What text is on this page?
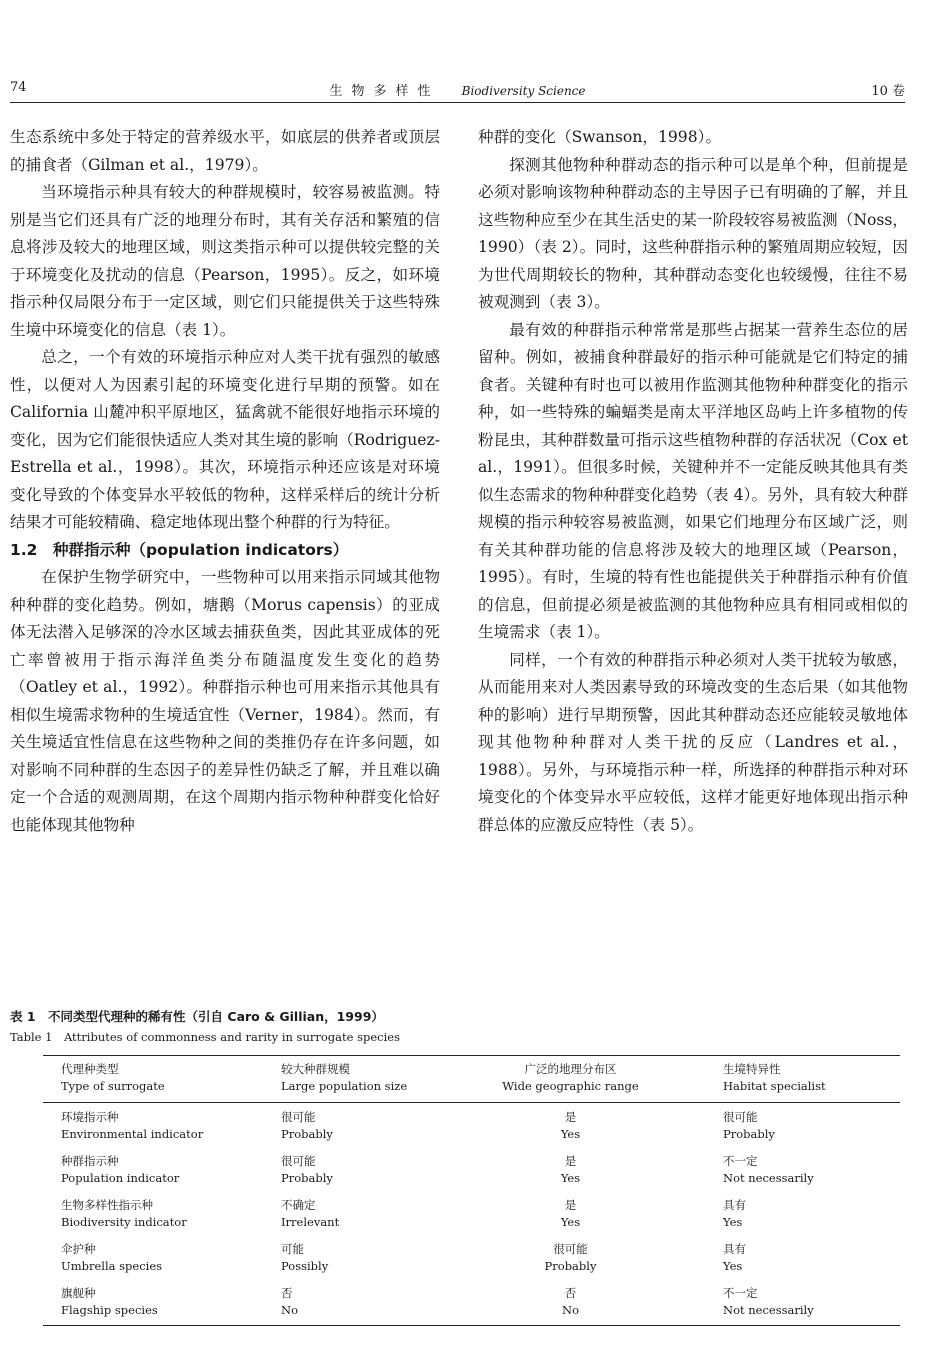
74	生物多样性 Biodiversity Science	10 卷

生态系统中多处于特定的营养级水平，如底层的供养者或顶层的捕食者（Gilman et al.，1979）。

当环境指示种具有较大的种群规模时，较容易被监测。特别是当它们还具有广泛的地理分布时，其有关存活和繁殖的信息将涉及较大的地理区域，则这类指示种可以提供较完整的关于环境变化及扰动的信息（Pearson，1995）。反之，如环境指示种仅局限分布于一定区域，则它们只能提供关于这些特殊生境中环境变化的信息（表 1）。

总之，一个有效的环境指示种应对人类干扰有强烈的敏感性，以便对人为因素引起的环境变化进行早期的预警。如在 California 山麓冲积平原地区，猛禽就不能很好地指示环境的变化，因为它们能很快适应人类对其生境的影响（Rodriguez-Estrella et al.，1998）。其次，环境指示种还应该是对环境变化导致的个体变异水平较低的物种，这样采样后的统计分析结果才可能较精确、稳定地体现出整个种群的行为特征。

1.2　种群指示种（population indicators）

在保护生物学研究中，一些物种可以用来指示同域其他物种种群的变化趋势。例如，塘鹅（Morus capensis）的亚成体无法潜入足够深的冷水区域去捕获鱼类，因此其亚成体的死亡率曾被用于指示海洋鱼类分布随温度发生变化的趋势（Oatley et al.，1992）。种群指示种也可用来指示其他具有相似生境需求物种的生境适宜性（Verner，1984）。然而，有关生境适宜性信息在这些物种之间的类推仍存在许多问题，如对影响不同种群的生态因子的差异性仍缺乏了解，并且难以确定一个合适的观测周期，在这个周期内指示物种种群变化恰好也能体现其他物种

种群的变化（Swanson，1998）。

探测其他物种种群动态的指示种可以是单个种，但前提是必须对影响该物种种群动态的主导因子已有明确的了解，并且这些物种应至少在其生活史的某一阶段较容易被监测（Noss，1990）（表 2）。同时，这些种群指示种的繁殖周期应较短，因为世代周期较长的物种，其种群动态变化也较缓慢，往往不易被观测到（表 3）。

最有效的种群指示种常常是那些占据某一营养生态位的居留种。例如，被捕食种群最好的指示种可能就是它们特定的捕食者。关键种有时也可以被用作监测其他物种种群变化的指示种，如一些特殊的蝙蝠类是南太平洋地区岛屿上许多植物的传粉昆虫，其种群数量可指示这些植物种群的存活状况（Cox et al.，1991）。但很多时候，关键种并不一定能反映其他具有类似生态需求的物种种群变化趋势（表 4）。另外，具有较大种群规模的指示种较容易被监测，如果它们地理分布区域广泛，则有关其种群功能的信息将涉及较大的地理区域（Pearson，1995）。有时，生境的特有性也能提供关于种群指示种有价值的信息，但前提必须是被监测的其他物种应具有相同或相似的生境需求（表 1）。

同样，一个有效的种群指示种必须对人类干扰较为敏感，从而能用来对人类因素导致的环境改变的生态后果（如其他物种的影响）进行早期预警，因此其种群动态还应能较灵敏地体现其他物种种群对人类干扰的反应（Landres et al.，1988）。另外，与环境指示种一样，所选择的种群指示种对环境变化的个体变异水平应较低，这样才能更好地体现出指示种群总体的应激反应特性（表 5）。

表 1　不同类型代理种的稀有性（引自 Caro & Gillian，1999）
Table 1　Attributes of commonness and rarity in surrogate species
代理种类型
Type of surrogate
较大种群规模
Large population size
广泛的地理分布区
Wide geographic range
生境特异性
Habitat specialist
环境指示种
Environmental indicator
很可能
Probably
是
Yes
很可能
Probably
种群指示种
Population indicator
很可能
Probably
是
Yes
不一定
Not necessarily
生物多样性指示种
Biodiversity indicator
不确定
Irrelevant
是
Yes
具有
Yes
伞护种
Umbrella species
可能
Possibly
很可能
Probably
具有
Yes
旗舰种
Flagship species
否
No
否
No
不一定
Not necessarily
